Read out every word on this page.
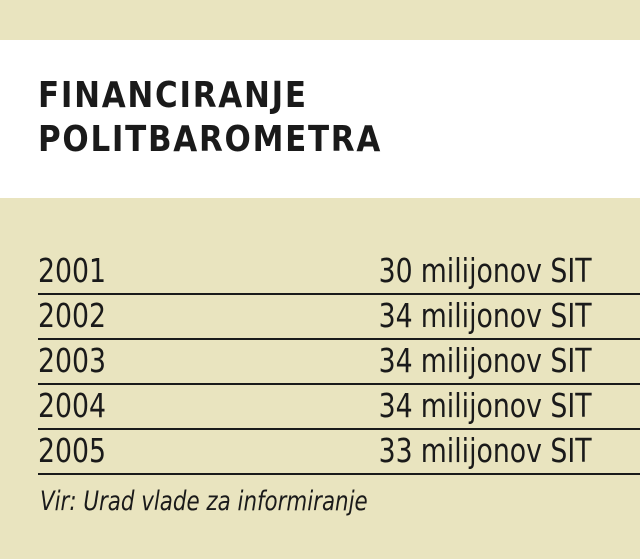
FINANCIRANJE
POLITBAROMETRA
2001	30 milijonov SIT
2002	34 milijonov SIT
2003	34 milijonov SIT
2004	34 milijonov SIT
2005	33 milijonov SIT
Vir: Urad vlade za informiranje
